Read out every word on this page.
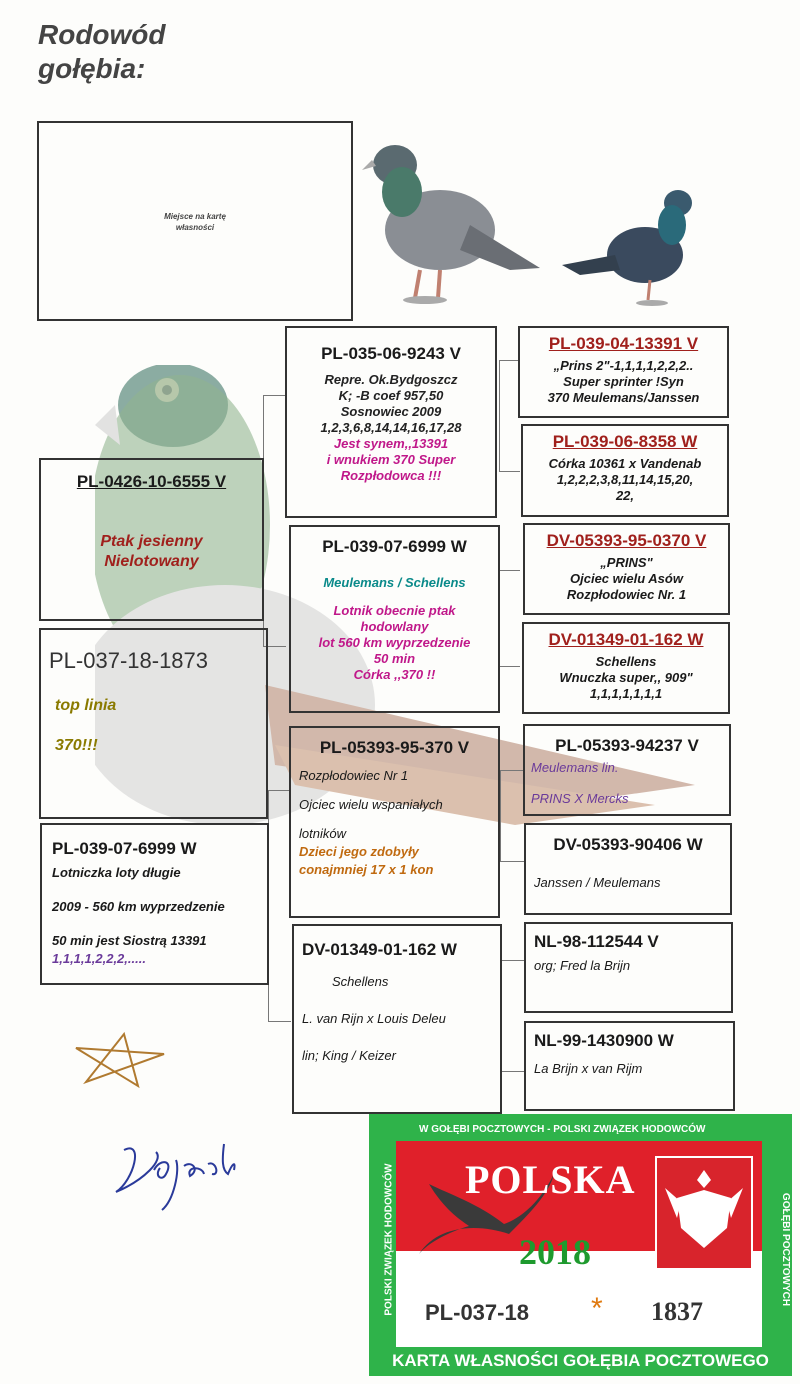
Rodowód
gołębia:
Miejsce na kartę
własności
PL-0426-10-6555 V
Ptak jesienny
Nielotowany
PL-037-18-1873
top linia
370!!!
PL-035-06-9243 V
Repre. Ok.Bydgoszcz
K; -B coef 957,50
Sosnowiec 2009
1,2,3,6,8,14,14,16,17,28
Jest synem,,13391
i wnukiem 370 Super
Rozpłodowca !!!
PL-039-07-6999 W
Meulemans / Schellens
Lotnik obecnie ptak
hodowlany
lot 560 km wyprzedzenie
50 min
Córka ,,370 !!
PL-039-04-13391 V
„Prins 2"-1,1,1,1,2,2,2..
Super sprinter !Syn
370 Meulemans/Janssen
PL-039-06-8358 W
Córka 10361 x Vandenab
1,2,2,2,3,8,11,14,15,20,
22,
DV-05393-95-0370 V
„PRINS"
Ojciec wielu Asów
Rozpłodowiec Nr. 1
DV-01349-01-162 W
Schellens
Wnuczka super,, 909"
1,1,1,1,1,1,1
PL-039-07-6999 W
Lotniczka loty długie
2009 - 560 km wyprzedzenie
50 min jest Siostrą 13391
1,1,1,1,2,2,2,.....
PL-05393-95-370 V
Rozpłodowiec Nr 1
Ojciec wielu wspaniałych
lotników
Dzieci jego zdobyły
conajmniej 17 x 1 kon
DV-01349-01-162 W
Schellens
L. van Rijn x Louis Deleu
lin; King / Keizer
PL-05393-94237 V
Meulemans lin.
PRINS X Mercks
DV-05393-90406 W
Janssen / Meulemans
NL-98-112544 V
org; Fred la Brijn
NL-99-1430900 W
La Brijn x van Rijm
W GOŁĘBI POCZTOWYCH - POLSKI ZWIĄZEK HODOWCÓW
POLSKI ZWIĄZEK HODOWCÓW	GOŁĘBI POCZTOWYCH
POLSKA
2018
PL-037-18 * 1837
KARTA WŁASNOŚCI GOŁĘBIA POCZTOWEGO
